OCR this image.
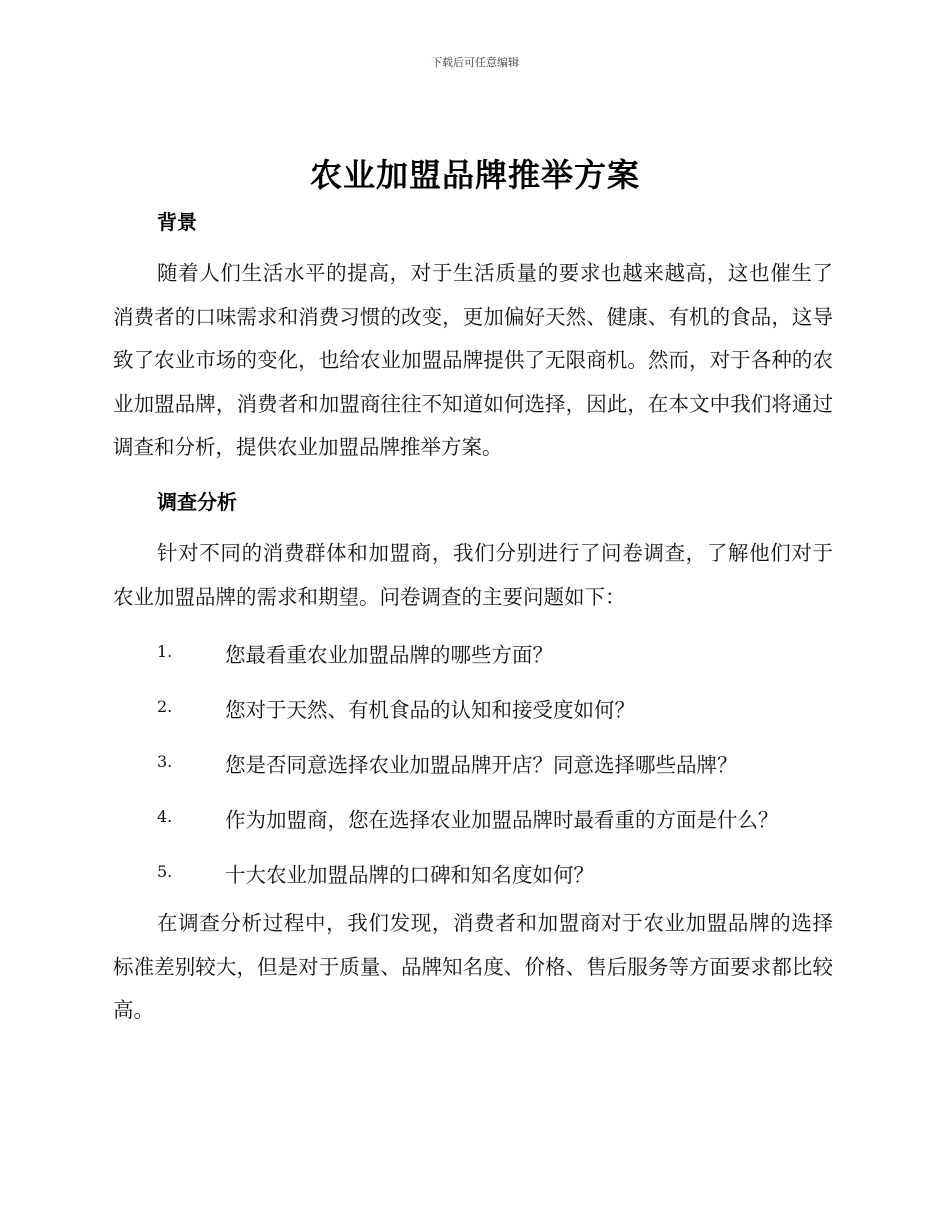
下载后可任意编辑
农业加盟品牌推举方案
背景

随着人们生活水平的提高，对于生活质量的要求也越来越高，这也催生了消费者的口味需求和消费习惯的改变，更加偏好天然、健康、有机的食品，这导致了农业市场的变化，也给农业加盟品牌提供了无限商机。然而，对于各种的农业加盟品牌，消费者和加盟商往往不知道如何选择，因此，在本文中我们将通过调查和分析，提供农业加盟品牌推举方案。

调查分析

针对不同的消费群体和加盟商，我们分别进行了问卷调查，了解他们对于农业加盟品牌的需求和期望。问卷调查的主要问题如下：

1.	您最看重农业加盟品牌的哪些方面？
2.	您对于天然、有机食品的认知和接受度如何？
3.	您是否同意选择农业加盟品牌开店？同意选择哪些品牌？
4.	作为加盟商，您在选择农业加盟品牌时最看重的方面是什么？
5.	十大农业加盟品牌的口碑和知名度如何？

在调查分析过程中，我们发现，消费者和加盟商对于农业加盟品牌的选择标准差别较大，但是对于质量、品牌知名度、价格、售后服务等方面要求都比较高。
